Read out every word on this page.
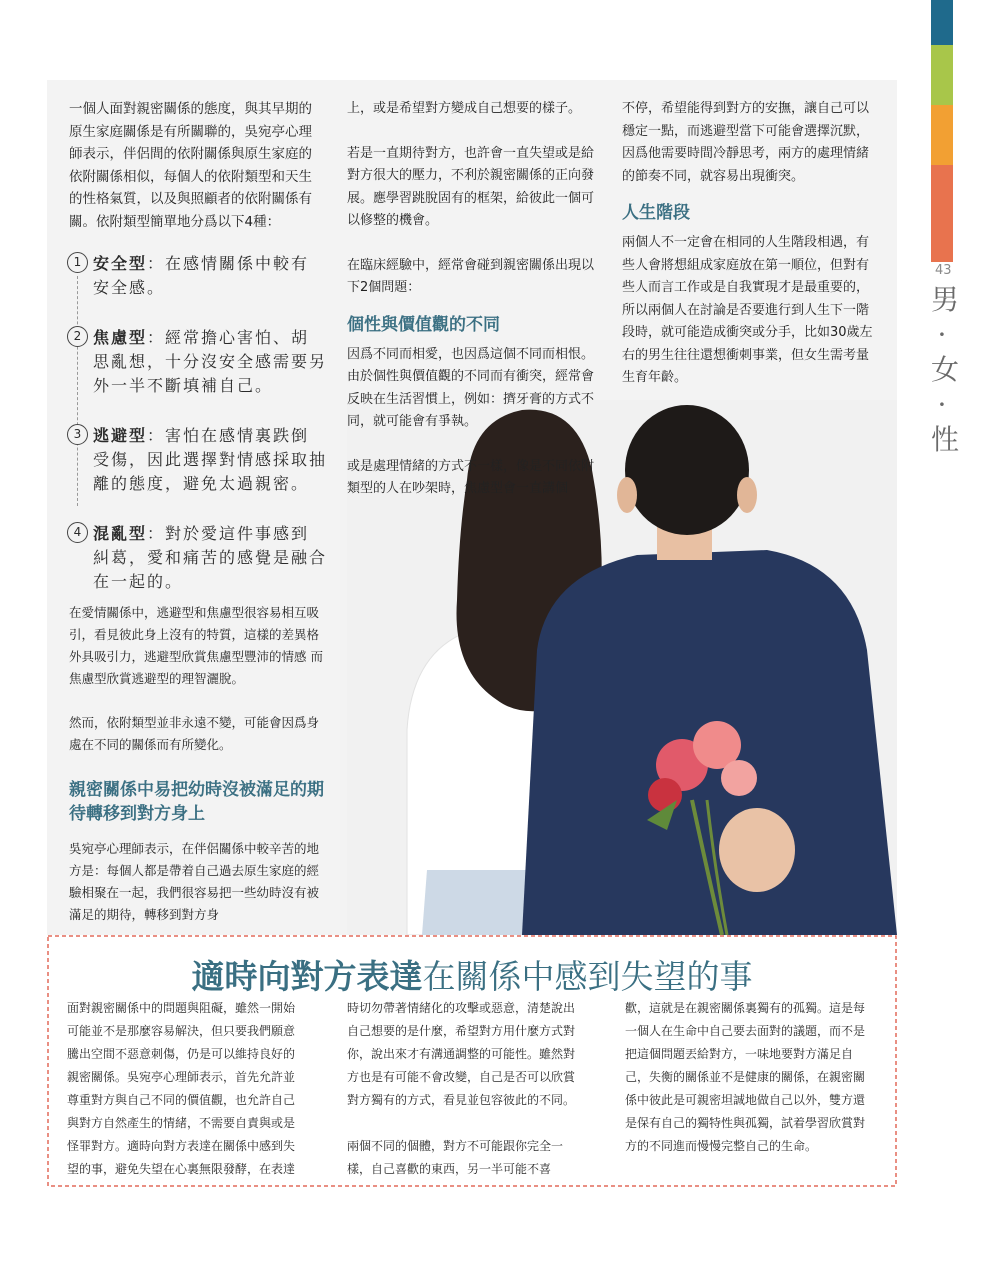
43
男
·
女
·
性

一個人面對親密關係的態度，與其早期的原生家庭關係是有所關聯的，吳宛亭心理師表示，伴侶間的依附關係與原生家庭的依附關係相似，每個人的依附類型和天生的性格氣質，以及與照顧者的依附關係有關。依附類型簡單地分爲以下4種：

1 安全型：在感情關係中較有安全感。
2 焦慮型：經常擔心害怕、胡思亂想，十分沒安全感需要另外一半不斷填補自己。
3 逃避型：害怕在感情裏跌倒受傷，因此選擇對情感採取抽離的態度，避免太過親密。
4 混亂型：對於愛這件事感到糾葛，愛和痛苦的感覺是融合在一起的。

在愛情關係中，逃避型和焦慮型很容易相互吸引，看見彼此身上沒有的特質，這樣的差異格外具吸引力，逃避型欣賞焦慮型豐沛的情感 而焦慮型欣賞逃避型的理智灑脫。

然而，依附類型並非永遠不變，可能會因爲身處在不同的關係而有所變化。

親密關係中易把幼時沒被滿足的期待轉移到對方身上

吳宛亭心理師表示，在伴侶關係中較辛苦的地方是：每個人都是帶着自己過去原生家庭的經驗相聚在一起，我們很容易把一些幼時沒有被滿足的期待，轉移到對方身

上，或是希望對方變成自己想要的樣子。

若是一直期待對方，也許會一直失望或是給對方很大的壓力，不利於親密關係的正向發展。應學習跳脫固有的框架，給彼此一個可以修整的機會。

在臨床經驗中，經常會碰到親密關係出現以下2個問題：

個性與價值觀的不同

因爲不同而相愛，也因爲這個不同而相恨。由於個性與價值觀的不同而有衝突，經常會反映在生活習慣上，例如：擠牙膏的方式不同，就可能會有爭執。

或是處理情緒的方式不一樣，像是不同依附類型的人在吵架時，焦慮型會一直講個

不停，希望能得到對方的安撫，讓自己可以穩定一點，而逃避型當下可能會選擇沉默，因爲他需要時間冷靜思考，兩方的處理情緒的節奏不同，就容易出現衝突。

人生階段

兩個人不一定會在相同的人生階段相遇，有些人會將想組成家庭放在第一順位，但對有些人而言工作或是自我實現才是最重要的，所以兩個人在討論是否要進行到人生下一階段時，就可能造成衝突或分手，比如30歲左右的男生往往還想衝刺事業，但女生需考量生育年齡。

適時向對方表達在關係中感到失望的事

面對親密關係中的問題與阻礙，雖然一開始可能並不是那麼容易解決，但只要我們願意騰出空間不惡意刺傷，仍是可以維持良好的親密關係。吳宛亭心理師表示，首先允許並尊重對方與自己不同的價值觀，也允許自己與對方自然產生的情緒，不需要自責與或是怪罪對方。適時向對方表達在關係中感到失望的事，避免失望在心裏無限發酵，在表達

時切勿帶著情緒化的攻擊或惡意，清楚說出自己想要的是什麼，希望對方用什麼方式對你，說出來才有溝通調整的可能性。雖然對方也是有可能不會改變，自己是否可以欣賞對方獨有的方式，看見並包容彼此的不同。

兩個不同的個體，對方不可能跟你完全一樣，自己喜歡的東西，另一半可能不喜

歡，這就是在親密關係裏獨有的孤獨。這是每一個人在生命中自己要去面對的議題，而不是把這個問題丟給對方，一味地要對方滿足自己，失衡的關係並不是健康的關係，在親密關係中彼此是可親密坦誠地做自己以外，雙方還是保有自己的獨特性與孤獨，試着學習欣賞對方的不同進而慢慢完整自己的生命。
